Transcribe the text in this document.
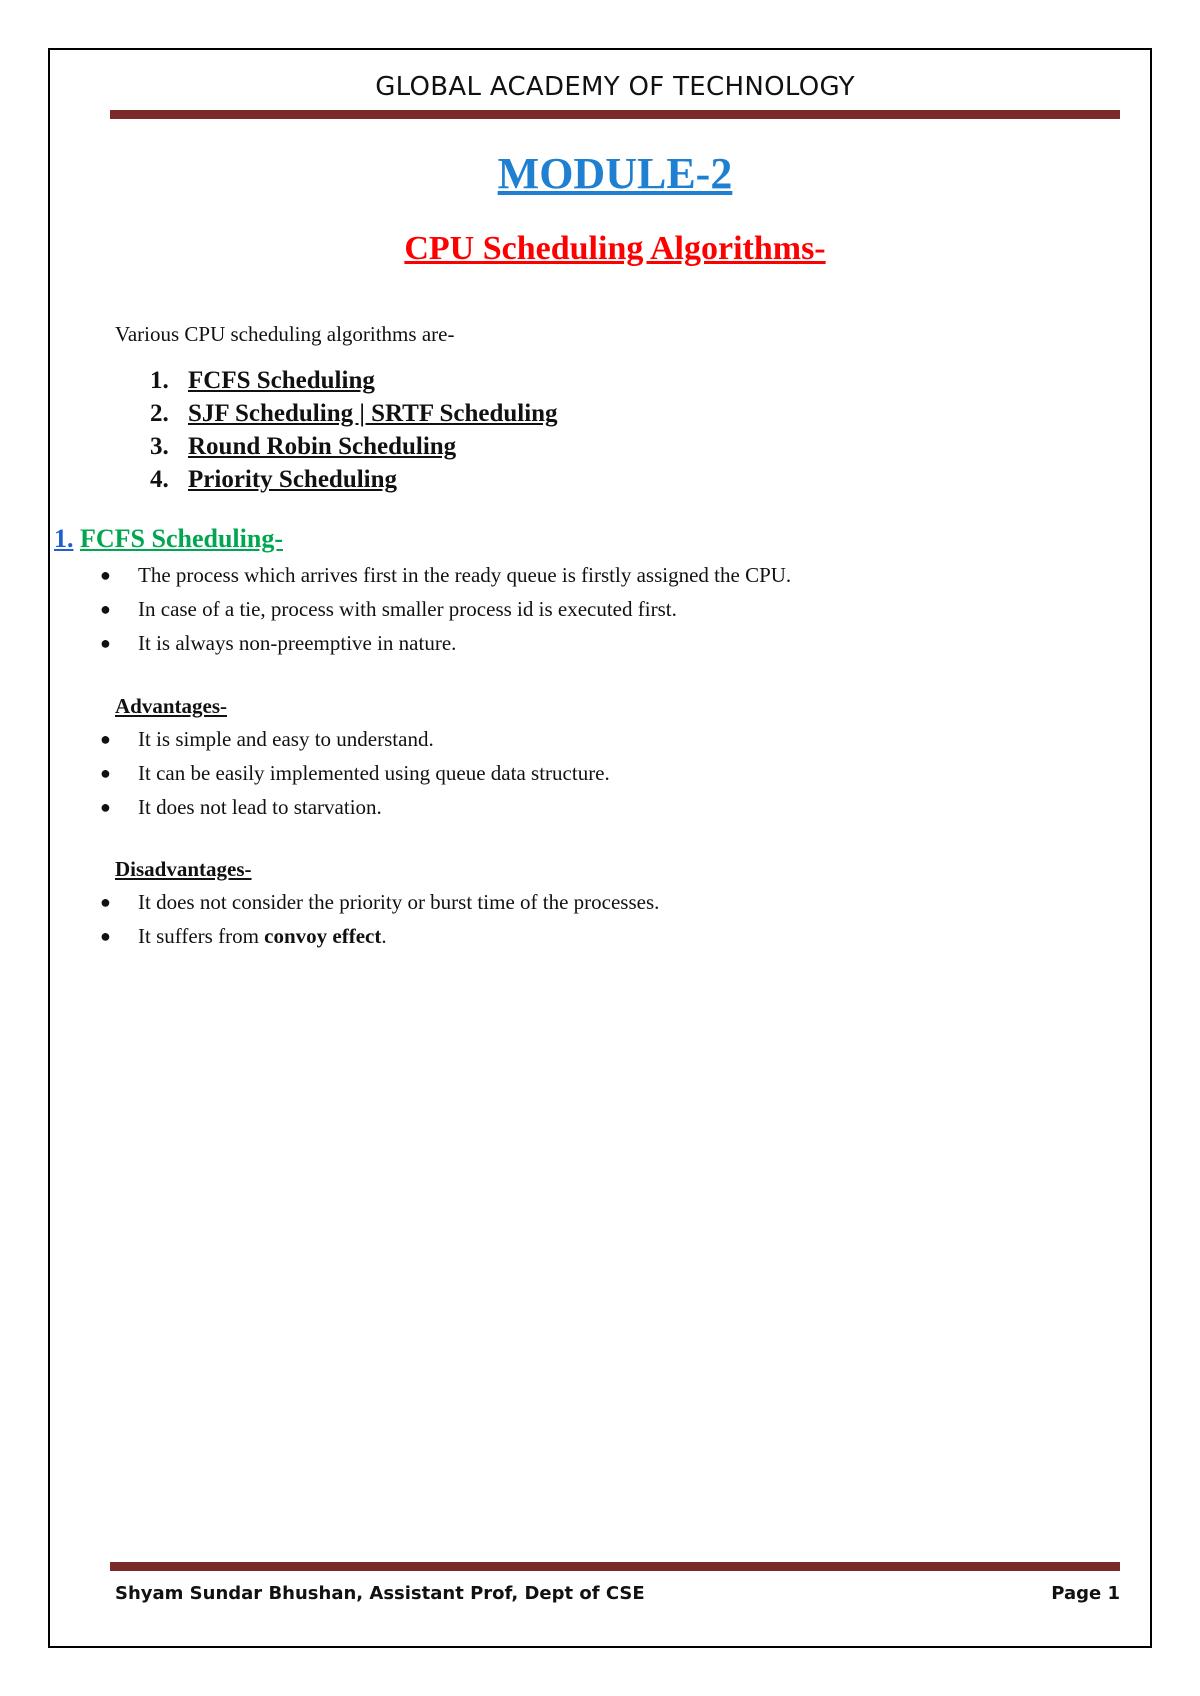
GLOBAL ACADEMY OF TECHNOLOGY
MODULE-2
CPU Scheduling Algorithms-
Various CPU scheduling algorithms are-
1. FCFS Scheduling
2. SJF Scheduling | SRTF Scheduling
3. Round Robin Scheduling
4. Priority Scheduling
1. FCFS Scheduling-
● The process which arrives first in the ready queue is firstly assigned the CPU.
● In case of a tie, process with smaller process id is executed first.
● It is always non-preemptive in nature.
Advantages-
● It is simple and easy to understand.
● It can be easily implemented using queue data structure.
● It does not lead to starvation.
Disadvantages-
● It does not consider the priority or burst time of the processes.
● It suffers from convoy effect.
Shyam Sundar Bhushan, Assistant Prof, Dept of CSE	Page 1
